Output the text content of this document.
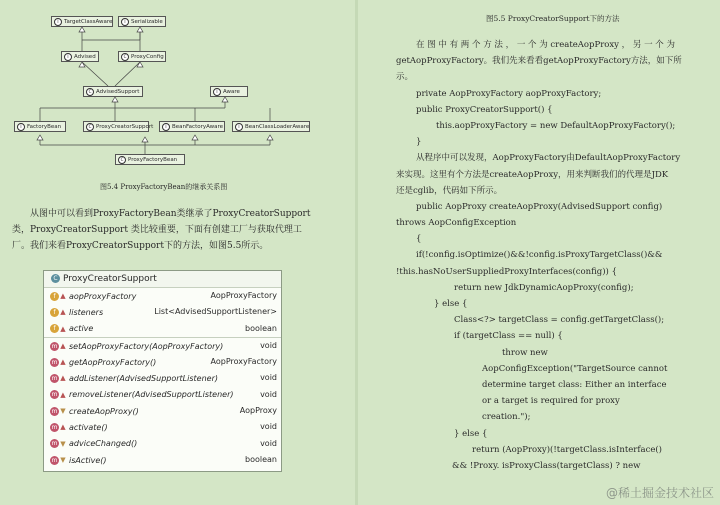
I TargetClassAware	I Serializable
I Advised	C ProxyConfig
C AdvisedSupport	I Aware
I FactoryBean	C ProxyCreatorSupport	I BeanFactoryAware	I BeanClassLoaderAware
C ProxyFactoryBean
图5.4 ProxyFactoryBean的继承关系图

从图中可以看到ProxyFactoryBean类继承了ProxyCreatorSupport

类，ProxyCreatorSupport 类比较重要，下面有创建工厂与获取代理工

厂。我们来看ProxyCreatorSupport下的方法，如图5.5所示。

C ProxyCreatorSupport
f ▲ aopProxyFactory	AopProxyFactory
f ▲ listeners	List<AdvisedSupportListener>
f ▲ active	boolean
m ▲ setAopProxyFactory(AopProxyFactory)	void
m ▲ getAopProxyFactory()	AopProxyFactory
m ▲ addListener(AdvisedSupportListener)	void
m ▲ removeListener(AdvisedSupportListener)	void
m ▼ createAopProxy()	AopProxy
m ▲ activate()	void
m ▼ adviceChanged()	void
m ▼ isActive()	boolean
图5.5 ProxyCreatorSupport下的方法
在 图 中 有 两 个 方 法 ， 一 个 为 createAopProxy ， 另 一 个 为
getAopProxyFactory。我们先来看看getAopProxyFactory方法，如下所
示。
private AopProxyFactory aopProxyFactory;
public ProxyCreatorSupport() {
this.aopProxyFactory = new DefaultAopProxyFactory();
}
从程序中可以发现，AopProxyFactory由DefaultAopProxyFactory
来实现。这里有个方法是createAopProxy，用来判断我们的代理是JDK
还是cglib，代码如下所示。
public AopProxy createAopProxy(AdvisedSupport config)
throws AopConfigException
{
if(!config.isOptimize()&&!config.isProxyTargetClass()&&
!this.hasNoUserSuppliedProxyInterfaces(config)) {
return new JdkDynamicAopProxy(config);
} else {
Class<?> targetClass = config.getTargetClass();
if (targetClass == null) {
throw new
AopConfigException("TargetSource cannot
determine target class: Either an interface
or a target is required for proxy
creation.");
} else {
return (AopProxy)(!targetClass.isInterface()
&& !Proxy. isProxyClass(targetClass) ? new
@稀土掘金技术社区
